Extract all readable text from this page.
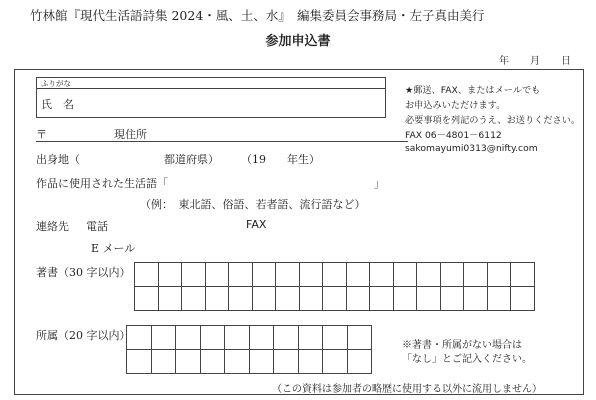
竹林館『現代生活語詩集 2024・風、土、水』　編集委員会事務局・左子真由美行
参加申込書
年 月 日
ふりがな
氏　名
〒	現住所
★郵送、FAX、またはメールでも
お申込みいただけます。
必要事項を列記のうえ、お送りください。
FAX 06－4801－6112
sakomayumi0313@nifty.com
出身地（	都道府県） （19 年生）
作品に使用された生活語「	」
（例：　東北語、俗語、若者語、流行語など）
連絡先 電話	FAX
E メール
著書（30 字以内）

所属（20 字以内）

※著書・所属がない場合は
「なし」とご記入ください。
（この資料は参加者の略歴に使用する以外に流用しません）
